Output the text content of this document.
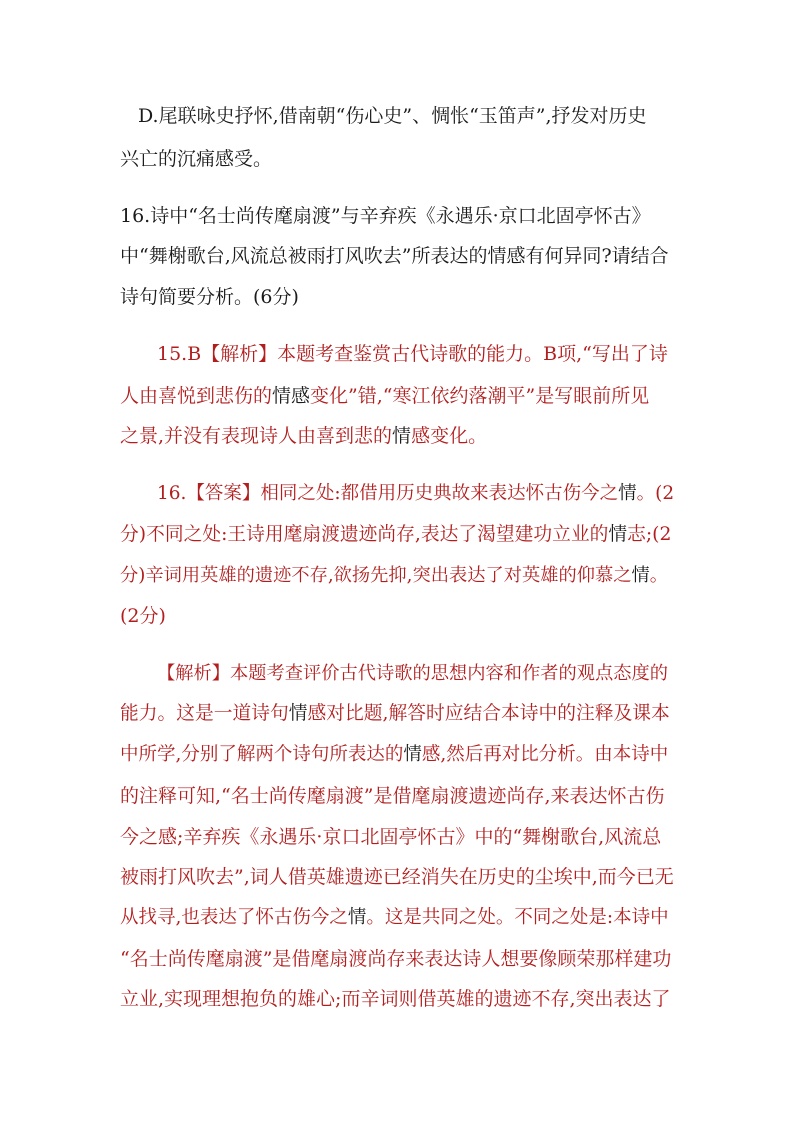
D.尾联咏史抒怀,借南朝“伤心史”、惆怅“玉笛声”,抒发对历史
兴亡的沉痛感受。
16.诗中“名士尚传麾扇渡”与辛弃疾《永遇乐·京口北固亭怀古》
中“舞榭歌台,风流总被雨打风吹去”所表达的情感有何异同?请结合
诗句简要分析。(6分)
15.B【解析】本题考查鉴赏古代诗歌的能力。B项,“写出了诗
人由喜悦到悲伤的情感变化”错,“寒江依约落潮平”是写眼前所见
之景,并没有表现诗人由喜到悲的情感变化。
16.【答案】相同之处:都借用历史典故来表达怀古伤今之情。(2
分)不同之处:王诗用麾扇渡遗迹尚存,表达了渴望建功立业的情志;(2
分)辛词用英雄的遗迹不存,欲扬先抑,突出表达了对英雄的仰慕之情。
(2分)
【解析】本题考查评价古代诗歌的思想内容和作者的观点态度的
能力。这是一道诗句情感对比题,解答时应结合本诗中的注释及课本
中所学,分别了解两个诗句所表达的情感,然后再对比分析。由本诗中
的注释可知,“名士尚传麾扇渡”是借麾扇渡遗迹尚存,来表达怀古伤
今之感;辛弃疾《永遇乐·京口北固亭怀古》中的“舞榭歌台,风流总
被雨打风吹去”,词人借英雄遗迹已经消失在历史的尘埃中,而今已无
从找寻,也表达了怀古伤今之情。这是共同之处。不同之处是:本诗中
“名士尚传麾扇渡”是借麾扇渡尚存来表达诗人想要像顾荣那样建功
立业,实现理想抱负的雄心;而辛词则借英雄的遗迹不存,突出表达了
